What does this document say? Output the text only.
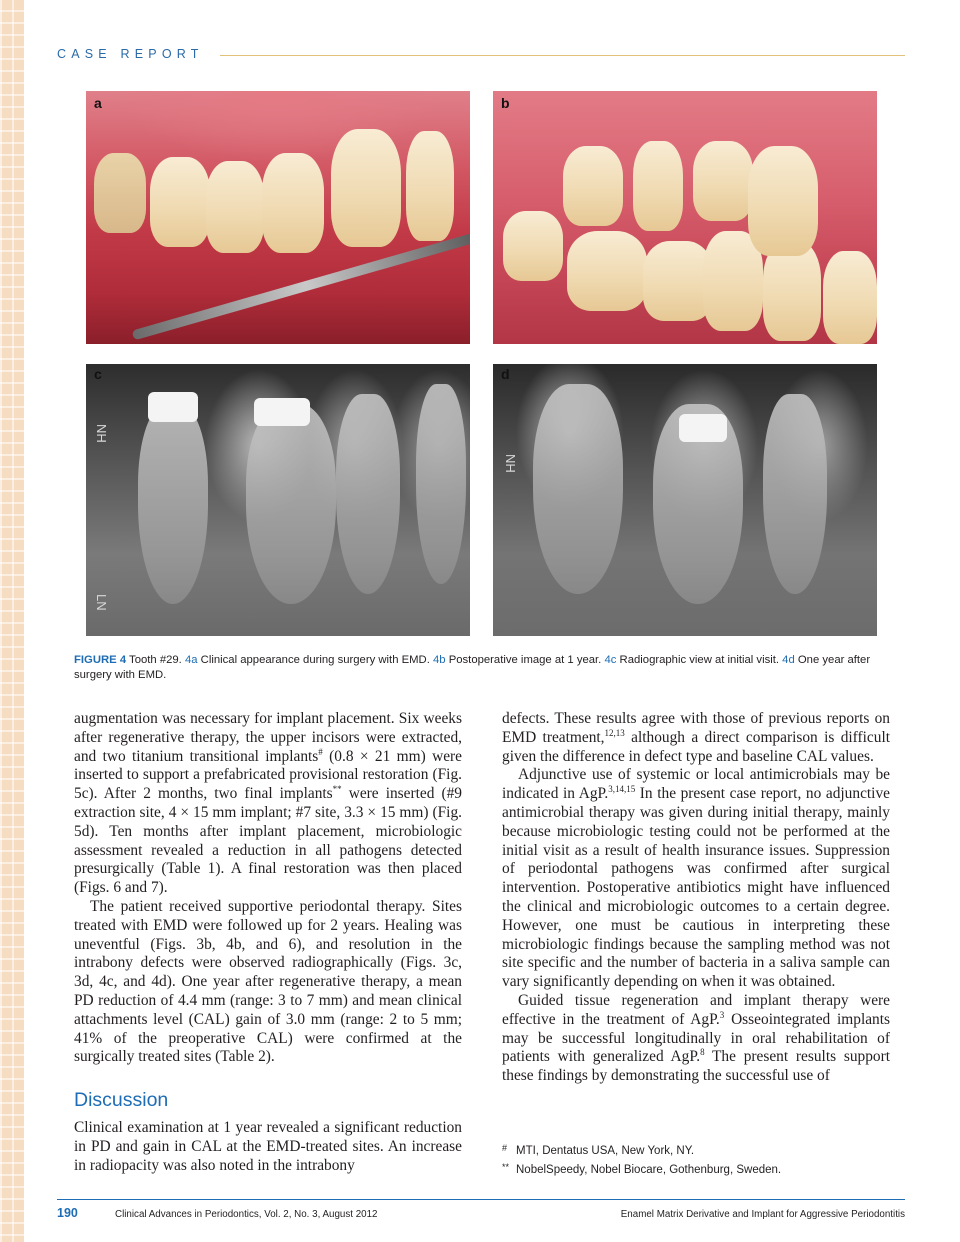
CASE REPORT
a	b
NH
LN
c
NH
d
FIGURE 4 Tooth #29. 4a Clinical appearance during surgery with EMD. 4b Postoperative image at 1 year. 4c Radiographic view at initial visit. 4d One year after surgery with EMD.

augmentation was necessary for implant placement. Six weeks after regenerative therapy, the upper incisors were extracted, and two titanium transitional implants# (0.8 × 21 mm) were inserted to support a prefabricated provisional restoration (Fig. 5c). After 2 months, two final implants** were inserted (#9 extraction site, 4 × 15 mm implant; #7 site, 3.3 × 15 mm) (Fig. 5d). Ten months after implant placement, microbiologic assessment revealed a reduction in all pathogens detected presurgically (Table 1). A final restoration was then placed (Figs. 6 and 7).

The patient received supportive periodontal therapy. Sites treated with EMD were followed up for 2 years. Healing was uneventful (Figs. 3b, 4b, and 6), and resolution in the intrabony defects were observed radiographically (Figs. 3c, 3d, 4c, and 4d). One year after regenerative therapy, a mean PD reduction of 4.4 mm (range: 3 to 7 mm) and mean clinical attachments level (CAL) gain of 3.0 mm (range: 2 to 5 mm; 41% of the preoperative CAL) were confirmed at the surgically treated sites (Table 2).

Discussion

Clinical examination at 1 year revealed a significant reduction in PD and gain in CAL at the EMD-treated sites. An increase in radiopacity was also noted in the intrabony

defects. These results agree with those of previous reports on EMD treatment,$^{12,13}$ although a direct comparison is difficult given the difference in defect type and baseline CAL values.

Adjunctive use of systemic or local antimicrobials may be indicated in AgP.$^{3,14,15}$ In the present case report, no adjunctive antimicrobial therapy was given during initial therapy, mainly because microbiologic testing could not be performed at the initial visit as a result of health insurance issues. Suppression of periodontal pathogens was confirmed after surgical intervention. Postoperative antibiotics might have influenced the clinical and microbiologic outcomes to a certain degree. However, one must be cautious in interpreting these microbiologic findings because the sampling method was not site specific and the number of bacteria in a saliva sample can vary significantly depending on when it was obtained.

Guided tissue regeneration and implant therapy were effective in the treatment of AgP.$^3$ Osseointegrated implants may be successful longitudinally in oral rehabilitation of patients with generalized AgP.$^8$ The present results support these findings by demonstrating the successful use of

# MTI, Dentatus USA, New York, NY.
** NobelSpeedy, Nobel Biocare, Gothenburg, Sweden.
190	Clinical Advances in Periodontics, Vol. 2, No. 3, August 2012	Enamel Matrix Derivative and Implant for Aggressive Periodontitis
